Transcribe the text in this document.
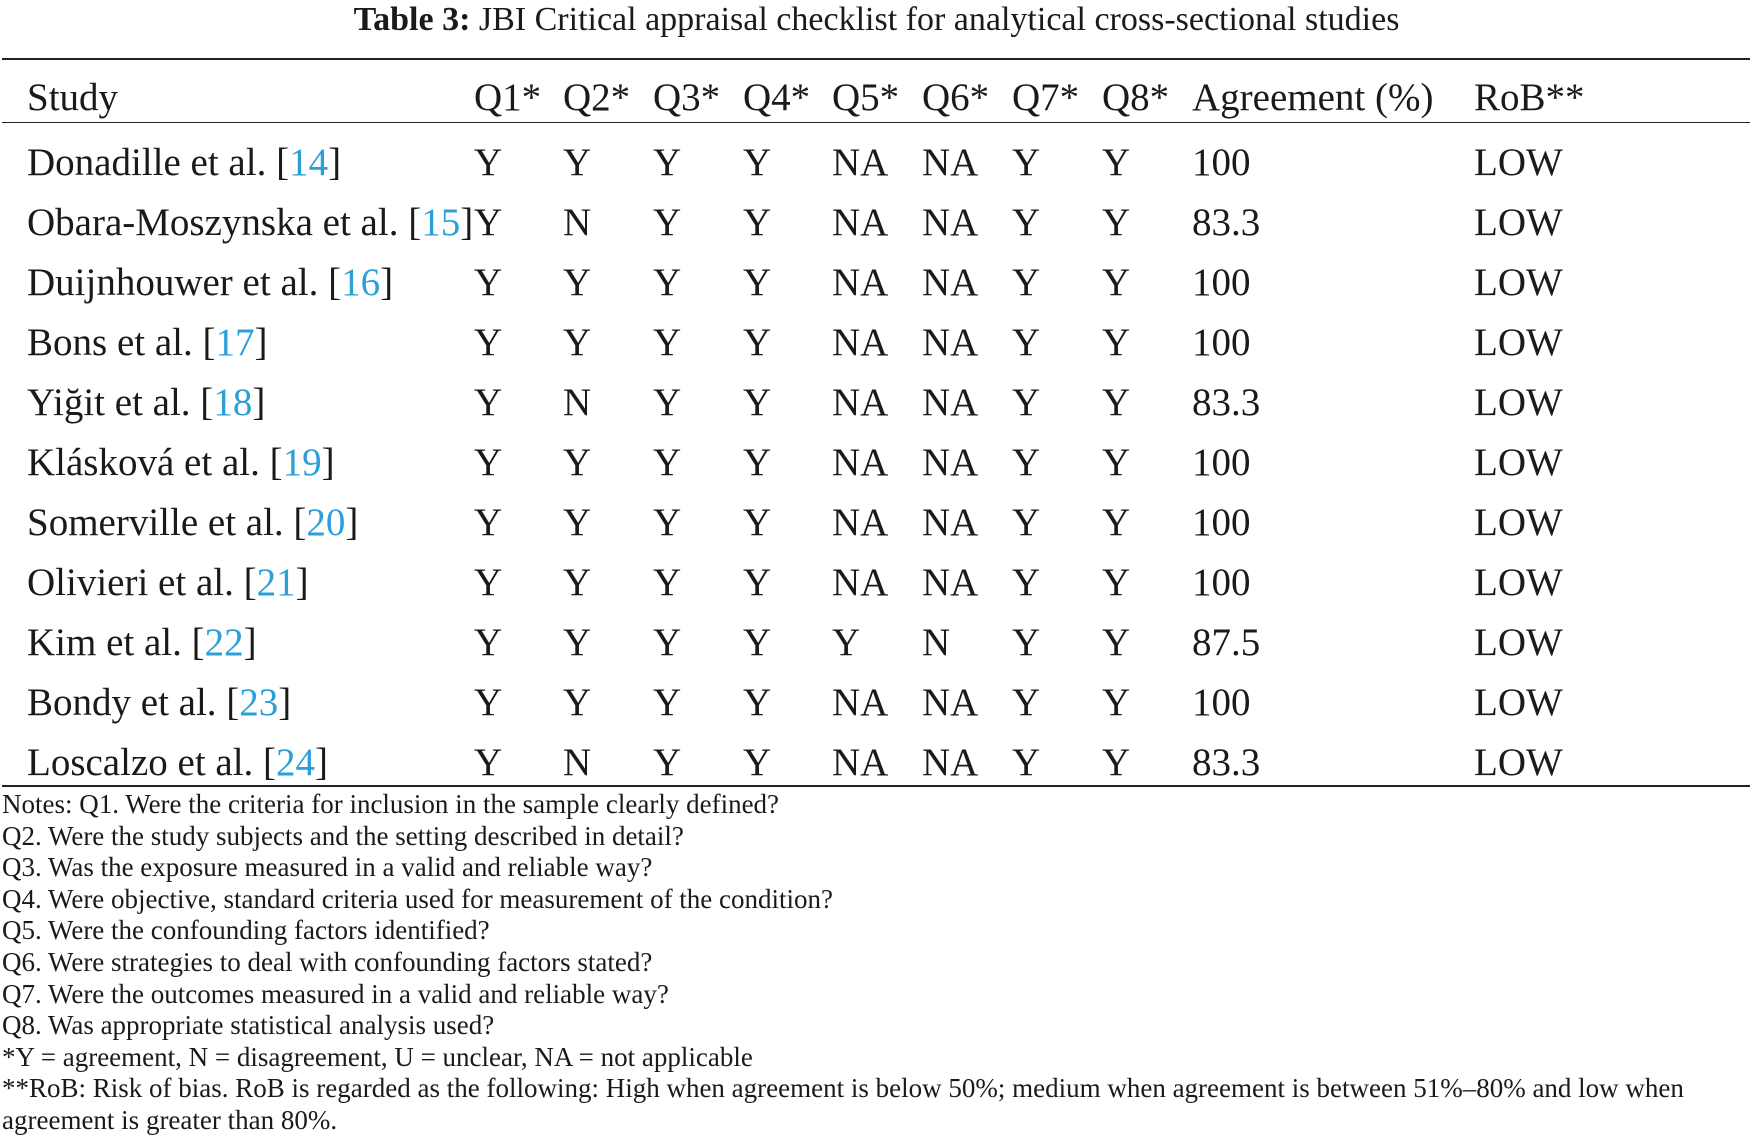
Table 3: JBI Critical appraisal checklist for analytical cross-sectional studies
Study	Q1*	Q2*	Q3*	Q4*	Q5*	Q6*	Q7*	Q8*	Agreement (%)	RoB**
Donadille et al. [14]	Y	Y	Y	Y	NA	NA	Y	Y	100	LOW
Obara-Moszynska et al. [15]	Y	N	Y	Y	NA	NA	Y	Y	83.3	LOW
Duijnhouwer et al. [16]	Y	Y	Y	Y	NA	NA	Y	Y	100	LOW
Bons et al. [17]	Y	Y	Y	Y	NA	NA	Y	Y	100	LOW
Yiğit et al. [18]	Y	N	Y	Y	NA	NA	Y	Y	83.3	LOW
Klásková et al. [19]	Y	Y	Y	Y	NA	NA	Y	Y	100	LOW
Somerville et al. [20]	Y	Y	Y	Y	NA	NA	Y	Y	100	LOW
Olivieri et al. [21]	Y	Y	Y	Y	NA	NA	Y	Y	100	LOW
Kim et al. [22]	Y	Y	Y	Y	Y	N	Y	Y	87.5	LOW
Bondy et al. [23]	Y	Y	Y	Y	NA	NA	Y	Y	100	LOW
Loscalzo et al. [24]	Y	N	Y	Y	NA	NA	Y	Y	83.3	LOW
Notes: Q1. Were the criteria for inclusion in the sample clearly defined?
Q2. Were the study subjects and the setting described in detail?
Q3. Was the exposure measured in a valid and reliable way?
Q4. Were objective, standard criteria used for measurement of the condition?
Q5. Were the confounding factors identified?
Q6. Were strategies to deal with confounding factors stated?
Q7. Were the outcomes measured in a valid and reliable way?
Q8. Was appropriate statistical analysis used?
*Y = agreement, N = disagreement, U = unclear, NA = not applicable
**RoB: Risk of bias. RoB is regarded as the following: High when agreement is below 50%; medium when agreement is between 51%–80% and low when agreement is greater than 80%.
